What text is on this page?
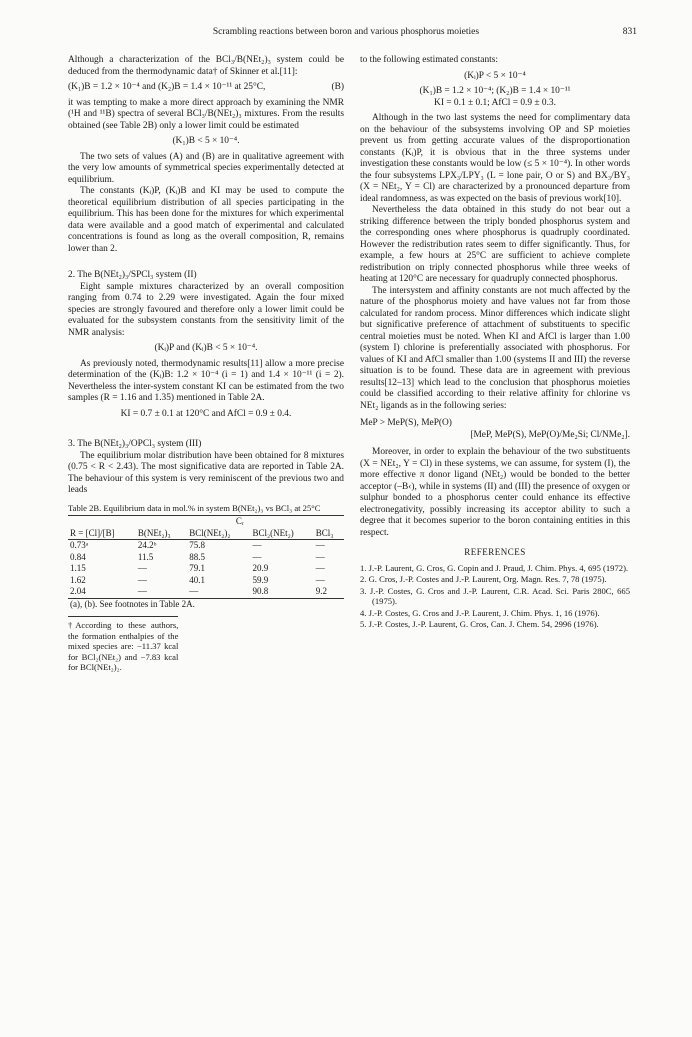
Scrambling reactions between boron and various phosphorus moieties	831

Although a characterization of the BCl₃/B(NEt₂)₃ system could be deduced from the thermodynamic data† of Skinner et al.[11]:

(K₁)B = 1.2 × 10⁻⁴ and (K₂)B = 1.4 × 10⁻¹¹ at 25°C,	(B)

it was tempting to make a more direct approach by examining the NMR (¹H and ¹¹B) spectra of several BCl₃/B(NEt₂)₃ mixtures. From the results obtained (see Table 2B) only a lower limit could be estimated

(K₁)B < 5 × 10⁻⁴.

The two sets of values (A) and (B) are in qualitative agreement with the very low amounts of symmetrical species experimentally detected at equilibrium.

The constants (Kᵢ)P, (Kᵢ)B and KI may be used to compute the theoretical equilibrium distribution of all species participating in the equilibrium. This has been done for the mixtures for which experimental data were available and a good match of experimental and calculated concentrations is found as long as the overall composition, R, remains lower than 2.

2. The B(NEt₂)₃/SPCl₃ system (II)

Eight sample mixtures characterized by an overall composition ranging from 0.74 to 2.29 were investigated. Again the four mixed species are strongly favoured and therefore only a lower limit could be evaluated for the subsystem constants from the sensitivity limit of the NMR analysis:

(Kᵢ)P and (Kᵢ)B < 5 × 10⁻⁴.

As previously noted, thermodynamic results[11] allow a more precise determination of the (Kᵢ)B: 1.2 × 10⁻⁴ (i = 1) and 1.4 × 10⁻¹¹ (i = 2). Nevertheless the inter-system constant KI can be estimated from the two samples (R = 1.16 and 1.35) mentioned in Table 2A.

KI = 0.7 ± 0.1 at 120°C and AfCl = 0.9 ± 0.4.

3. The B(NEt₂)₃/OPCl₃ system (III)

The equilibrium molar distribution have been obtained for 8 mixtures (0.75 < R < 2.43). The most significative data are reported in Table 2A. The behaviour of this system is very reminiscent of the previous two and leads

Table 2B. Equilibrium data in mol.% in system B(NEt₂)₃ vs BCl₃ at 25°C
	Cᵣ			
R = [Cl]/[B]	B(NEt₂)₃	BCl(NEt₂)₂	BCl₂(NEt₂)	BCl₃
0.73ᵃ	24.2ᵇ	75.8	—	—
0.84	11.5	88.5	—	—
1.15	—	79.1	20.9	—
1.62	—	40.1	59.9	—
2.04	—	—	90.8	9.2
(a), (b). See footnotes in Table 2A.				
†According to these authors, the formation enthalpies of the mixed species are: −11.37 kcal for BCl₂(NEt₂) and −7.83 kcal for BCl(NEt₂)₂.

to the following estimated constants:

(Kᵢ)P < 5 × 10⁻⁴
(K₁)B = 1.2 × 10⁻⁴; (K₂)B = 1.4 × 10⁻¹¹
KI = 0.1 ± 0.1; AfCl = 0.9 ± 0.3.

Although in the two last systems the need for complimentary data on the behaviour of the subsystems involving OP and SP moieties prevent us from getting accurate values of the disproportionation constants (Kᵢ)P, it is obvious that in the three systems under investigation these constants would be low (≤ 5 × 10⁻⁴). In other words the four subsystems LPX₃/LPY₃ (L = lone pair, O or S) and BX₃/BY₃ (X = NEt₂, Y = Cl) are characterized by a pronounced departure from ideal randomness, as was expected on the basis of previous work[10].

Nevertheless the data obtained in this study do not bear out a striking difference between the triply bonded phosphorus system and the corresponding ones where phosphorus is quadruply coordinated. However the redistribution rates seem to differ significantly. Thus, for example, a few hours at 25°C are sufficient to achieve complete redistribution on triply connected phosphorus while three weeks of heating at 120°C are necessary for quadruply connected phosphorus.

The intersystem and affinity constants are not much affected by the nature of the phosphorus moiety and have values not far from those calculated for random process. Minor differences which indicate slight but significative preference of attachment of substituents to specific central moieties must be noted. When KI and AfCl is larger than 1.00 (system I) chlorine is preferentially associated with phosphorus. For values of KI and AfCl smaller than 1.00 (systems II and III) the reverse situation is to be found. These data are in agreement with previous results[12–13] which lead to the conclusion that phosphorus moieties could be classified according to their relative affinity for chlorine vs NEt₂ ligands as in the following series:

MeP > MeP(S), MeP(O)

[MeP, MeP(S), MeP(O)/Me₂Si; Cl/NMe₂].

Moreover, in order to explain the behaviour of the two substituents (X = NEt₂, Y = Cl) in these systems, we can assume, for system (I), the more effective π donor ligand (NEt₂) would be bonded to the better acceptor (–B‹), while in systems (II) and (III) the presence of oxygen or sulphur bonded to a phosphorus center could enhance its effective electronegativity, possibly increasing its acceptor ability to such a degree that it becomes superior to the boron containing entities in this respect.

REFERENCES
1. J.-P. Laurent, G. Cros, G. Copin and J. Praud, J. Chim. Phys. 4, 695 (1972).
2. G. Cros, J.-P. Costes and J.-P. Laurent, Org. Magn. Res. 7, 78 (1975).
3. J.-P. Costes, G. Cros and J.-P. Laurent, C.R. Acad. Sci. Paris 280C, 665 (1975).
4. J.-P. Costes, G. Cros and J.-P. Laurent, J. Chim. Phys. 1, 16 (1976).
5. J.-P. Costes, J.-P. Laurent, G. Cros, Can. J. Chem. 54, 2996 (1976).
